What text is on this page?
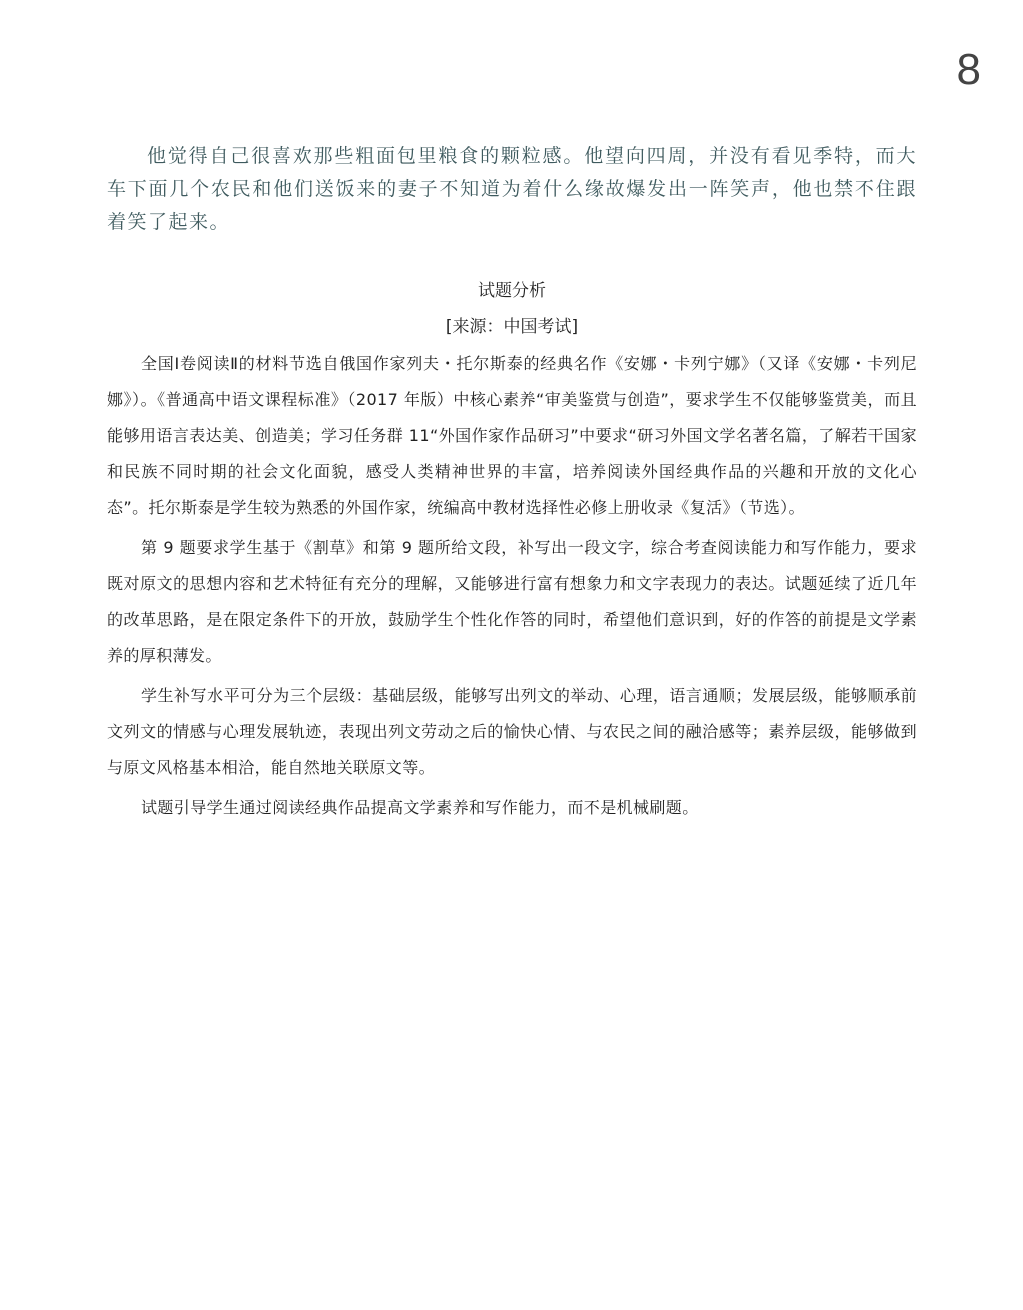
8

他觉得自己很喜欢那些粗面包里粮食的颗粒感。他望向四周，并没有看见季特，而大车下面几个农民和他们送饭来的妻子不知道为着什么缘故爆发出一阵笑声，他也禁不住跟着笑了起来。

试题分析
[来源：中国考试]

全国Ⅰ卷阅读Ⅱ的材料节选自俄国作家列夫・托尔斯泰的经典名作《安娜・卡列宁娜》（又译《安娜・卡列尼娜》）。《普通高中语文课程标准》（2017 年版）中核心素养“审美鉴赏与创造”，要求学生不仅能够鉴赏美，而且能够用语言表达美、创造美；学习任务群 11“外国作家作品研习”中要求“研习外国文学名著名篇，了解若干国家和民族不同时期的社会文化面貌，感受人类精神世界的丰富，培养阅读外国经典作品的兴趣和开放的文化心态”。托尔斯泰是学生较为熟悉的外国作家，统编高中教材选择性必修上册收录《复活》（节选）。

第 9 题要求学生基于《割草》和第 9 题所给文段，补写出一段文字，综合考查阅读能力和写作能力，要求既对原文的思想内容和艺术特征有充分的理解，又能够进行富有想象力和文字表现力的表达。试题延续了近几年的改革思路，是在限定条件下的开放，鼓励学生个性化作答的同时，希望他们意识到，好的作答的前提是文学素养的厚积薄发。

学生补写水平可分为三个层级：基础层级，能够写出列文的举动、心理，语言通顺；发展层级，能够顺承前文列文的情感与心理发展轨迹，表现出列文劳动之后的愉快心情、与农民之间的融洽感等；素养层级，能够做到与原文风格基本相洽，能自然地关联原文等。

试题引导学生通过阅读经典作品提高文学素养和写作能力，而不是机械刷题。
